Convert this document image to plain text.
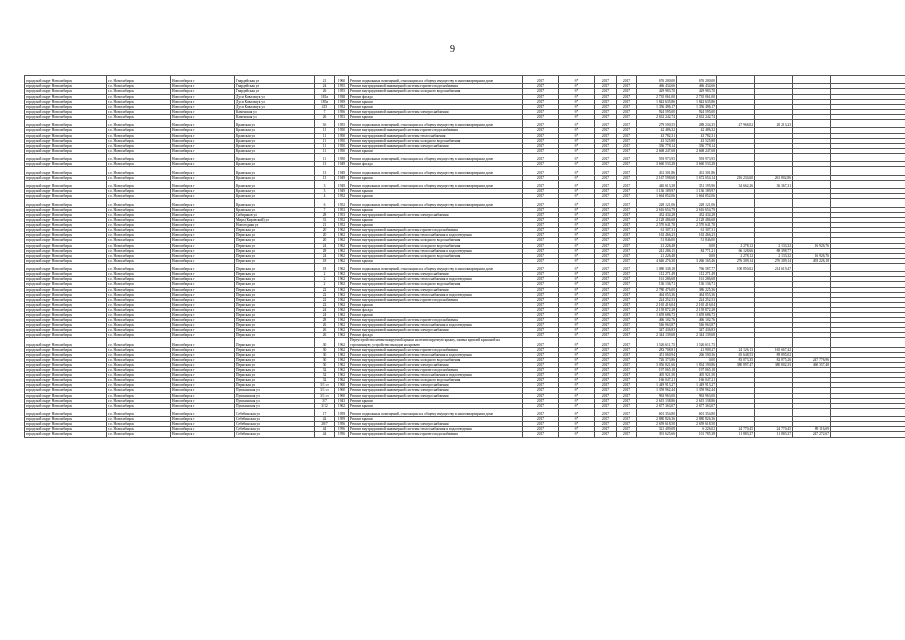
9
городской округ Новосибирск	г.о. Новосибирск	Новосибирск г	Гвардейская ул	21	1960	Ремонт подвальных помещений, относящихся к общему имуществу в многоквартирном доме	2017	б*	2017	2017	676 200,00	676 200,00				
городской округ Новосибирск	г.о. Новосибирск	Новосибирск г	Гвардейская ул	24	1955	Ремонт внутридомовой инженерной системы горячего водоснабжения	2017	б*	2017	2017	466 434,66	466 434,66				
городской округ Новосибирск	г.о. Новосибирск	Новосибирск г	Гвардейская ул	26	1955	Ремонт внутридомовой инженерной системы холодного водоснабжения	2017	б*	2017	2017	429 983,70	429 983,70				
городской округ Новосибирск	г.о. Новосибирск	Новосибирск г	Дуси Ковальчук ул	181а	1938	Ремонт фасада	2017	б*	2017	2017	2 735 061,00	2 735 061,00				
городской округ Новосибирск	г.о. Новосибирск	Новосибирск г	Дуси Ковальчук ул	185а	1939	Ремонт крыши	2017	б*	2017	2017	1 842 635,86	1 842 635,86				
городской округ Новосибирск	г.о. Новосибирск	Новосибирск г	Дуси Ковальчук ул	415	1952	Ремонт крыши	2017	б*	2017	2017	1 356 496,17	1 356 496,17				
городской округ Новосибирск	г.о. Новосибирск	Новосибирск г	Каменская ул	7	1956	Ремонт внутридомовой инженерной системы электроснабжения	2017	б*	2017	2017	924 595,00	924 595,00				
городской округ Новосибирск	г.о. Новосибирск	Новосибирск г	Каменская ул	26	1953	Ремонт крыши	2017	б*	2017	2017	2 632 242,74	2 632 242,74				
городской округ Новосибирск	г.о. Новосибирск	Новосибирск г	Крамская ул	3б	1955	Ремонт подвальных помещений, относящихся к общему имуществу в многоквартирном доме	2017	б*	2017	2017	279 500,55	288 234,35	27 968,02	20 213,23		
городской округ Новосибирск	г.о. Новосибирск	Новосибирск г	Крамская ул	11	1950	Ремонт внутридомовой инженерной системы горячего водоснабжения	2017	б*	2017	2017	42 486,32	42 486,32				
городской округ Новосибирск	г.о. Новосибирск	Новосибирск г	Крамская ул	11	1950	Ремонт внутридомовой инженерной системы теплоснабжения	2017	б*	2017	2017	43 782,31	43 782,31				
городской округ Новосибирск	г.о. Новосибирск	Новосибирск г	Крамская ул	11	1950	Ремонт внутридомовой инженерной системы холодного водоснабжения	2017	б*	2017	2017	43 525,88	43 525,88				
городской округ Новосибирск	г.о. Новосибирск	Новосибирск г	Крамская ул	11	1950	Ремонт внутридомовой инженерной системы электроснабжения	2017	б*	2017	2017	336 778,14	336 778,14				
городской округ Новосибирск	г.о. Новосибирск	Новосибирск г	Крамская ул	11	1950	Ремонт крыши	2017	б*	2017	2017	2 668 247,68	2 668 247,68				
городской округ Новосибирск	г.о. Новосибирск	Новосибирск г	Крамская ул	11	1950	Ремонт подвальных помещений, относящихся к общему имуществу в многоквартирном доме	2017	б*	2017	2017	593 973,95	593 973,95				
городской округ Новосибирск	г.о. Новосибирск	Новосибирск г	Крамская ул	13	1949	Ремонт фасада	2017	б*	2017	2017	3 660 533,28	3 660 533,28				
городской округ Новосибирск	г.о. Новосибирск	Новосибирск г	Крамская ул	13	1949	Ремонт подвальных помещений, относящихся к общему имуществу в многоквартирном доме	2017	б*	2017	2017	431 301,86	431 301,86				
городской округ Новосибирск	г.о. Новосибирск	Новосибирск г	Крамская ул	13	1949	Ремонт крыши	2017	б*	2017	2017	2 167 598,60	1 672 654,14	216 234,60	261 802,86		
городской округ Новосибирск	г.о. Новосибирск	Новосибирск г	Крамская ул	3	1949	Ремонт подвальных помещений, относящихся к общему имуществу в многоквартирном доме	2017	б*	2017	2017	440 613,38	351 195,96	34 662,26	36 367,31		
городской округ Новосибирск	г.о. Новосибирск	Новосибирск г	Крамская ул	3	1949	Ремонт крыши	2017	б*	2017	2017	1 136 189,97	1 136 189,97				
городской округ Новосибирск	г.о. Новосибирск	Новосибирск г	Крамская ул	4	1952	Ремонт крыши	2017	б*	2017	2017	1 664 852,06	1 664 852,06				
городской округ Новосибирск	г.о. Новосибирск	Новосибирск г	Крамская ул	6	1952	Ремонт подвальных помещений, относящихся к общему имуществу в многоквартирном доме	2017	б*	2017	2017	228 121,06	228 121,06				
городской округ Новосибирск	г.о. Новосибирск	Новосибирск г	Крамская ул	7	1953	Ремонт крыши	2017	б*	2017	2017	2 616 654,79	2 616 654,79				
городской округ Новосибирск	г.о. Новосибирск	Новосибирск г	Сибиряков ул	28	1953	Ремонт внутридомовой инженерной системы электроснабжения	2017	б*	2017	2017	432 434,28	432 434,28				
городской округ Новосибирск	г.о. Новосибирск	Новосибирск г	Мира (Кировский) ул	31	1952	Ремонт крыши	2017	б*	2017	2017	2 128 486,68	2 128 486,68				
городской округ Новосибирск	г.о. Новосибирск	Новосибирск г	Новогодняя ул	21	1952	Ремонт крыши	2017	б*	2017	2017	2 570 641,70	2 570 641,70				
городской округ Новосибирск	г.о. Новосибирск	Новосибирск г	Пермская ул	20	1962	Ремонт внутридомовой инженерной системы горячего водоснабжения	2017	б*	2017	2017	61 307,31	61 307,31				
городской округ Новосибирск	г.о. Новосибирск	Новосибирск г	Пермская ул	20	1962	Ремонт внутридомовой инженерной системы теплоснабжения и водоотведения	2017	б*	2017	2017	163 466,23	163 466,23				
городской округ Новосибирск	г.о. Новосибирск	Новосибирск г	Пермская ул	20	1962	Ремонт внутридомовой инженерной системы холодного водоснабжения	2017	б*	2017	2017	51 846,00	51 846,00				
городской округ Новосибирск	г.о. Новосибирск	Новосибирск г	Пермская ул	24	1962	Ремонт внутридомовой инженерной системы холодного водоснабжения	2017	б*	2017	2017	21 226,48	0,00	2 278,12	2 133,32	16 926,76	
городской округ Новосибирск	г.о. Новосибирск	Новосибирск г	Пермская ул	28	1962	Ремонт внутридомовой инженерной системы теплоснабжения и водоотведения	2017	б*	2017	2017	241 286,15	84 771,21	66 128,66	88 398,77		
городской округ Новосибирск	г.о. Новосибирск	Новосибирск г	Пермская ул	24	1962	Ремонт внутридомовой инженерной системы холодного водоснабжения	2017	б*	2017	2017	21 226,48	0,00	2 278,12	2 133,32	16 926,76	
городской округ Новосибирск	г.о. Новосибирск	Новосибирск г	Пермская ул	18	1962	Ремонт крыши	2017	б*	2017	2017	4 646 276,30	3 266 165,46	276 309,14	276 309,14	493 226,18	
городской округ Новосибирск	г.о. Новосибирск	Новосибирск г	Пермская ул	18	1962	Ремонт подвальных помещений, относящихся к общему имуществу в многоквартирном доме	2017	б*	2017	2017	1 080 338,18	766 587,77	100 850,02	214 619,47		
городской округ Новосибирск	г.о. Новосибирск	Новосибирск г	Пермская ул	2	1962	Ремонт внутридомовой инженерной системы электроснабжения	2017	б*	2017	2017	112 271,49	112 271,49				
городской округ Новосибирск	г.о. Новосибирск	Новосибирск г	Пермская ул	2	1962	Ремонт внутридомовой инженерной системы теплоснабжения и водоотведения	2017	б*	2017	2017	161 286,68	161 286,68				
городской округ Новосибирск	г.о. Новосибирск	Новосибирск г	Пермская ул	2	1962	Ремонт внутридомовой инженерной системы холодного водоснабжения	2017	б*	2017	2017	136 136,71	136 136,71				
городской округ Новосибирск	г.о. Новосибирск	Новосибирск г	Пермская ул	22	1962	Ремонт внутридомовой инженерной системы электроснабжения	2017	б*	2017	2017	2 780 476,00	386 225,36				
городской округ Новосибирск	г.о. Новосибирск	Новосибирск г	Пермская ул	22	1962	Ремонт внутридомовой инженерной системы теплоснабжения и водоотведения	2017	б*	2017	2017	464 053,36	464 053,36				
городской округ Новосибирск	г.о. Новосибирск	Новосибирск г	Пермская ул	22	1962	Ремонт внутридомовой инженерной системы горячего водоснабжения	2017	б*	2017	2017	224 252,53	224 252,53				
городской округ Новосибирск	г.о. Новосибирск	Новосибирск г	Пермская ул	22	1962	Ремонт крыши	2017	б*	2017	2017	2 165 416,04	2 165 416,04				
городской округ Новосибирск	г.о. Новосибирск	Новосибирск г	Пермская ул	24	1962	Ремонт фасада	2017	б*	2017	2017	2 159 872,28	2 159 872,28				
городской округ Новосибирск	г.о. Новосибирск	Новосибирск г	Пермская ул	24	1962	Ремонт крыши	2017	б*	2017	2017	1 659 686,73	1 659 686,73				
городской округ Новосибирск	г.о. Новосибирск	Новосибирск г	Пермская ул	28	1962	Ремонт внутридомовой инженерной системы горячего водоснабжения	2017	б*	2017	2017	466 102,76	466 102,76				
городской округ Новосибирск	г.о. Новосибирск	Новосибирск г	Пермская ул	26	1962	Ремонт внутридомовой инженерной системы теплоснабжения и водоотведения	2017	б*	2017	2017	546 063,87	546 063,87				
городской округ Новосибирск	г.о. Новосибирск	Новосибирск г	Пермская ул	26	1962	Ремонт внутридомовой инженерной системы электроснабжения	2017	б*	2017	2017	347 436,83	347 436,83				
городской округ Новосибирск	г.о. Новосибирск	Новосибирск г	Пермская ул	26	1962	Ремонт фасада	2017	б*	2017	2017	2 344 139,68	2 344 139,68				
городской округ Новосибирск	г.о. Новосибирск	Новосибирск г	Пермская ул	30	1962	Переустройство невентилируемой крыши на вентилируемую крышу, замена кровлей крышной на стропильную, устройство выходов на кровлю	2017	б*	2017	2017	1 526 611,75	1 526 611,75				
городской округ Новосибирск	г.о. Новосибирск	Новосибирск г	Пермская ул	30	1962	Ремонт внутридомовой инженерной системы горячего водоснабжения	2017	б*	2017	2017	283 708,81	41 909,27	24 126,13	165 667,42		
городской округ Новосибирск	г.о. Новосибирск	Новосибирск г	Пермская ул	30	1962	Ремонт внутридомовой инженерной системы теплоснабжения и водоотведения	2017	б*	2017	2017	451 060,94	266 500,36	65 648,53	89 895,02		
городской округ Новосибирск	г.о. Новосибирск	Новосибирск г	Пермская ул	30	1962	Ремонт внутридомовой инженерной системы холодного водоснабжения	2017	б*	2017	2017	726 373,86	0,00	83 073,35	82 875,26	247 776,96	
городской округ Новосибирск	г.о. Новосибирск	Новосибирск г	Пермская ул	30	1962	Ремонт внутридомовой инженерной системы электроснабжения	2017	б*	2017	2017	3 056 821,66	1 834 190,86	380 897,47	380 802,35	460 357,48	
городской округ Новосибирск	г.о. Новосибирск	Новосибирск г	Пермская ул	32	1962	Ремонт внутридомовой инженерной системы горячего водоснабжения	2017	б*	2017	2017	197 065,18	197 065,18				
городской округ Новосибирск	г.о. Новосибирск	Новосибирск г	Пермская ул	32	1962	Ремонт внутридомовой инженерной системы теплоснабжения и водоотведения	2017	б*	2017	2017	405 921,50	405 921,50				
городской округ Новосибирск	г.о. Новосибирск	Новосибирск г	Пермская ул	32	1962	Ремонт внутридомовой инженерной системы холодного водоснабжения	2017	б*	2017	2017	166 047,21	166 047,21				
городской округ Новосибирск	г.о. Новосибирск	Новосибирск г	Пермская ул	3/1 ст	1960	Ремонт внутридомовой инженерной системы электроснабжения	2017	б*	2017	2017	1 449 913,27	1 449 913,27				
городской округ Новосибирск	г.о. Новосибирск	Новосибирск г	Пушкинская ул	3/1 ст	1960	Ремонт внутридомовой инженерной системы электроснабжения	2017	б*	2017	2017	1 359 962,44	1 359 962,44				
городской округ Новосибирск	г.о. Новосибирск	Новосибирск г	Пушкинская ул	3/1 ст	1960	Ремонт внутридомовой инженерной системы электроснабжения	2017	б*	2017	2017	963 963,00	963 963,00				
городской округ Новосибирск	г.о. Новосибирск	Новосибирск г	Пушкинская ул	3/7	1943	Ремонт крыши	2017	б*	2017	2017	2 615 138,86	2 615 138,86				
городской округ Новосибирск	г.о. Новосибирск	Новосибирск г	Пушкинская ул	3/12	1962	Ремонт крыши	2017	б*	2017	2017	2 677 363,07	2 677 363,07				
городской округ Новосибирск	г.о. Новосибирск	Новосибирск г	Себебинская ул	17	1959	Ремонт подвальных помещений, относящихся к общему имуществу в многоквартирном доме	2017	б*	2017	2017	601 354,80	601 354,80				
городской округ Новосибирск	г.о. Новосибирск	Новосибирск г	Себебинская ул	42	1959	Ремонт крыши	2017	б*	2017	2017	2 880 826,36	2 880 826,36				
городской округ Новосибирск	г.о. Новосибирск	Новосибирск г	Себебинская ул	28/7	1956	Ремонт внутридомовой инженерной системы электроснабжения	2017	б*	2017	2017	2 659 618,50	2 659 618,50				
городской округ Новосибирск	г.о. Новосибирск	Новосибирск г	Себебинская ул	44	1956	Ремонт внутридомовой инженерной системы теплоснабжения и водоотведения	2017	б*	2017	2017	321 409,08	6 226,02	24 770,45	24 770,45	89 116,69	
городской округ Новосибирск	г.о. Новосибирск	Новосибирск г	Себебинская ул	44	1956	Ремонт внутридомовой инженерной системы горячего водоснабжения	2017	б*	2017	2017	391 625,66	101 785,38	11 883,37	11 883,37	247 272,67	
